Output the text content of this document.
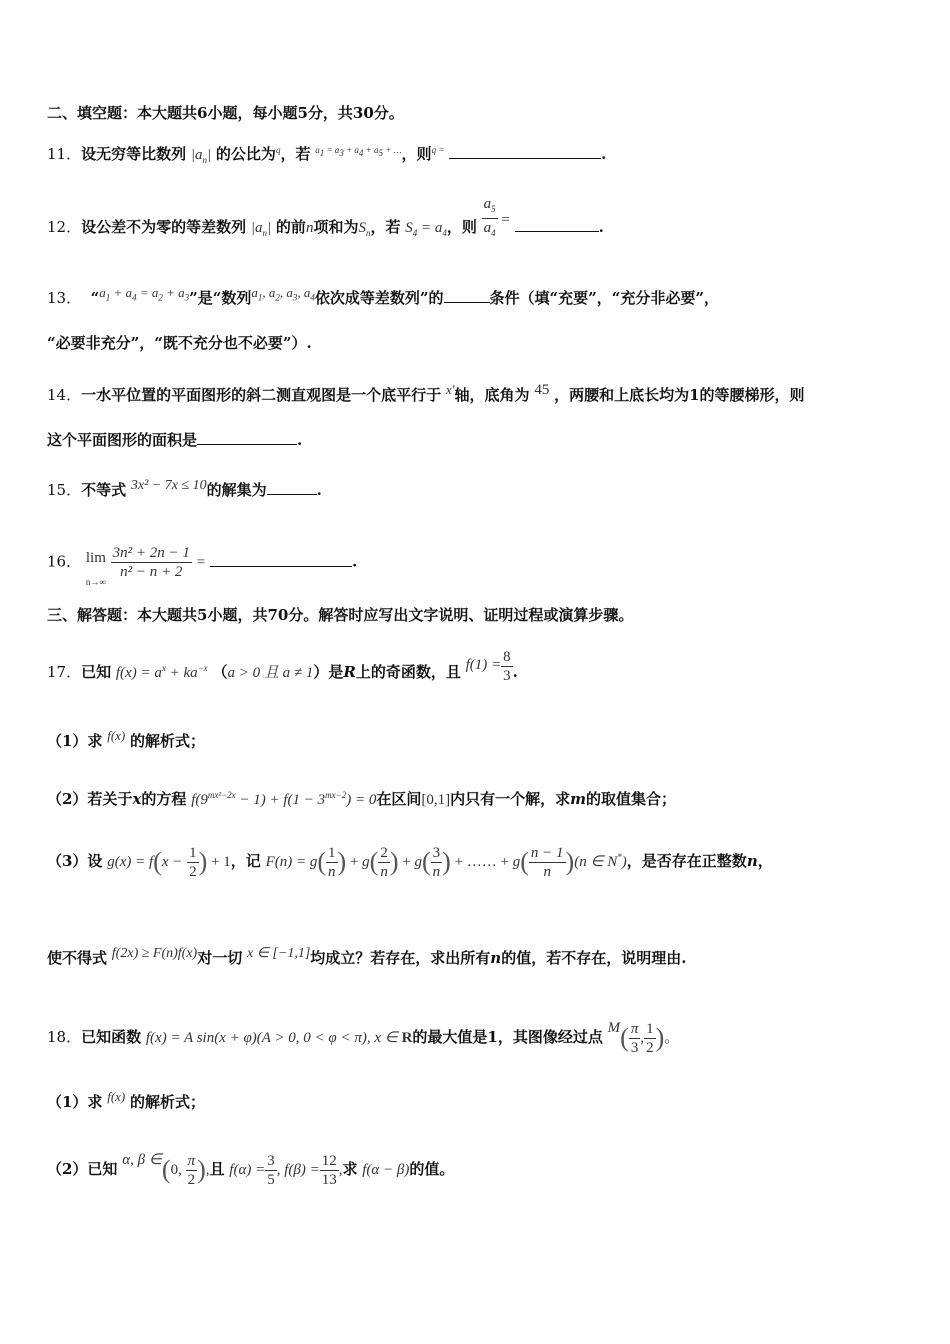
二、填空题：本大题共6小题，每小题5分，共30分。
11．设无穷等比数列 $|a_n|$ 的公比为$^q$，若 $^{a_1 = a_3 + a_4 + a_5 + \dots}$，则$^{q =}$	.
12．设公差不为零的等差数列 $|a_n|$ 的前n项和为$S_n$，若 $S_4 = a_4$，则 $\frac{a_5}{a_4}$ =	.
13． “$^{a_1 + a_4 = a_2 + a_3}$”是“数列$^{a_1, a_2, a_3, a_4}$依次成等差数列”的	条件（填“充要”，“充分非必要”，
“必要非充分”，“既不充分也不必要”）.
14．一水平位置的平面图形的斜二测直观图是一个底平行于 $^{x'}$轴，底角为 $^{45}$ ，两腰和上底长均为1的等腰梯形，则
这个平面图形的面积是	.
15．不等式 $^{3x^2 - 7x \le 10}$的解集为	.
16． lim
n→∞

$\frac{\text{3n² + 2n − 1}}{\text{n² − n + 2}}$ =	.
三、解答题：本大题共5小题，共70分。解答时应写出文字说明、证明过程或演算步骤。
17．已知 $f(x) = a^x + ka^{-x}$ （a > 0 且 a ≠ 1）是R上的奇函数，且 $f(1) = \frac{8}{3}$ .
（1）求 $^{f(x)}$ 的解析式；
（2）若关于x的方程 $f(9^{mx^2-2x} - 1) + f(1 - 3^{mx-2}) = 0$在区间[0,1]内只有一个解，求m的取值集合；
（3）设 $g(x) = f(x - \frac{1}{2}$ ) + 1，记 $F(n) = g( \frac{1}{n}$ ) + $g( \frac{2}{n}$ ) + $g( \frac{3}{n}$ ) + …… + $g( \frac{n - 1}{n} )(n$ ∈ N*)，是否存在正整数n，
使不得式 $^{f(2x) \ge F(n)f(x)}$对一切 $^{x \in [-1,1]}$均成立？若存在，求出所有n的值，若不存在，说明理由.
18．已知函数 f(x) = A sin(x + φ)(A > 0, 0 < φ < π), x ∈ R的最大值是1，其图像经过点 $M( \frac{\pi}{3}$ , $\frac{1}{2}$ )。
（1）求 $^{f(x)}$ 的解析式；
（2）已知 α, β ∈(0, $\frac{\pi}{2}$ ),且 $f(\alpha) = \frac{3}{5}$ , $f(\beta) = \frac{12}{13}$ ,求 f(α − β)的值。
